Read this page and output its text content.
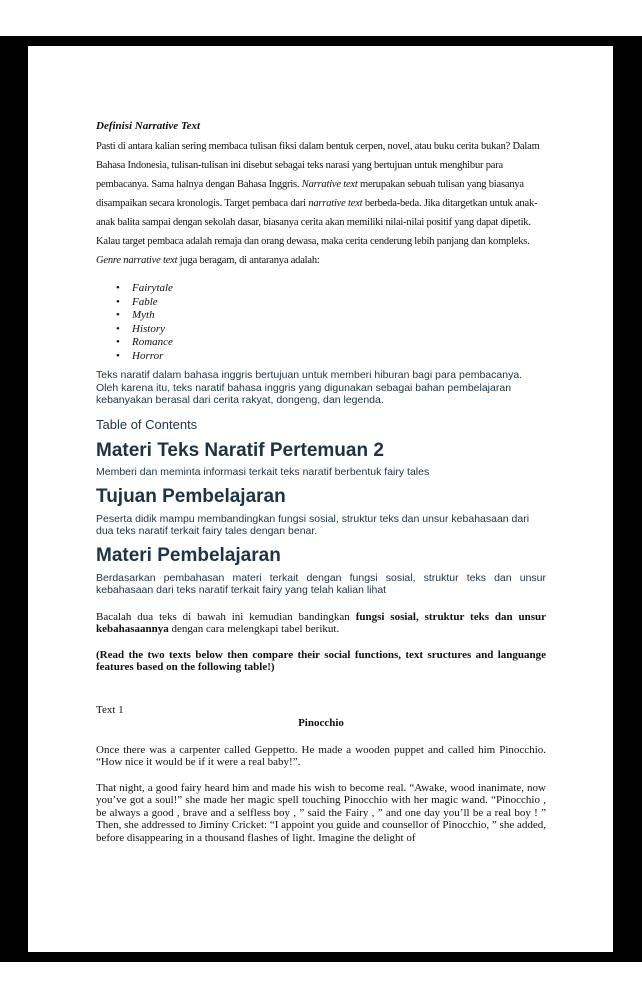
Definisi Narrative Text

Pasti di antara kalian sering membaca tulisan fiksi dalam bentuk cerpen, novel, atau buku cerita bukan? Dalam Bahasa Indonesia, tulisan-tulisan ini disebut sebagai teks narasi yang bertujuan untuk menghibur para pembacanya. Sama halnya dengan Bahasa Inggris. Narrative text merupakan sebuah tulisan yang biasanya disampaikan secara kronologis. Target pembaca dari narrative text berbeda-beda. Jika ditargetkan untuk anak-anak balita sampai dengan sekolah dasar, biasanya cerita akan memiliki nilai-nilai positif yang dapat dipetik. Kalau target pembaca adalah remaja dan orang dewasa, maka cerita cenderung lebih panjang dan kompleks. Genre narrative text juga beragam, di antaranya adalah:

• Fairytale
• Fable
• Myth
• History
• Romance
• Horror

Teks naratif dalam bahasa inggris bertujuan untuk memberi hiburan bagi para pembacanya. Oleh karena itu, teks naratif bahasa inggris yang digunakan sebagai bahan pembelajaran kebanyakan berasal dari cerita rakyat, dongeng, dan legenda.

Table of Contents

Materi Teks Naratif Pertemuan 2

Memberi dan meminta informasi terkait teks naratif berbentuk fairy tales

Tujuan Pembelajaran

Peserta didik mampu membandingkan fungsi sosial, struktur teks dan unsur kebahasaan dari dua teks naratif terkait fairy tales dengan benar.

Materi Pembelajaran

Berdasarkan pembahasan materi terkait dengan fungsi sosial, struktur teks dan unsur kebahasaan dari teks naratif terkait fairy yang telah kalian lihat

Bacalah dua teks di bawah ini kemudian bandingkan fungsi sosial, struktur teks dan unsur kebahasaannya dengan cara melengkapi tabel berikut.

(Read the two texts below then compare their social functions, text sructures and languange features based on the following table!)

Text 1

Pinocchio

Once there was a carpenter called Geppetto. He made a wooden puppet and called him Pinocchio. “How nice it would be if it were a real baby!”.

That night, a good fairy heard him and made his wish to become real. “Awake, wood inanimate, now you’ve got a soul!” she made her magic spell touching Pinocchio with her magic wand. “Pinocchio , be always a good , brave and a selfless boy , ” said the Fairy , ” and one day you’ll be a real boy ! ” Then, she addressed to Jiminy Cricket: “I appoint you guide and counsellor of Pinocchio, ” she added, before disappearing in a thousand flashes of light. Imagine the delight of
